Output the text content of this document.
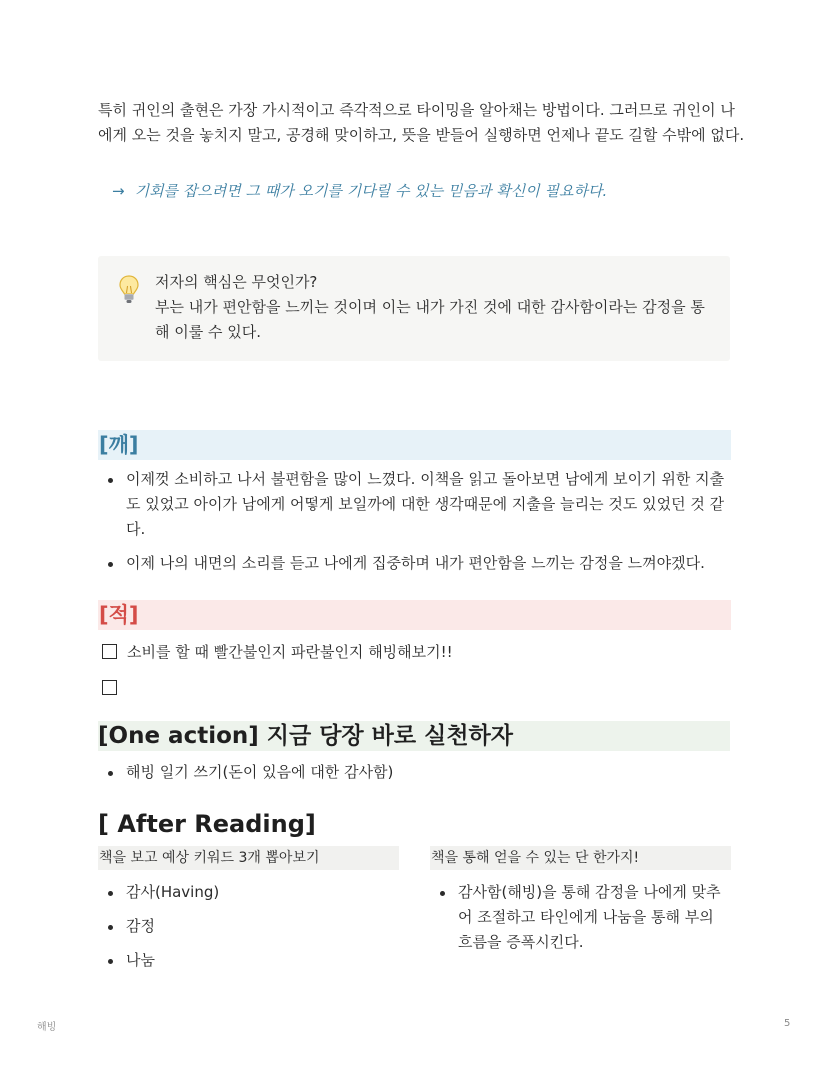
특히 귀인의 출현은 가장 가시적이고 즉각적으로 타이밍을 알아채는 방법이다. 그러므로 귀인이 나에게 오는 것을 놓치지 말고, 공경해 맞이하고, 뜻을 받들어 실행하면 언제나 끝도 길할 수밖에 없다.

→ 기회를 잡으려면 그 때가 오기를 기다릴 수 있는 믿음과 확신이 필요하다.
저자의 핵심은 무엇인가?
부는 내가 편안함을 느끼는 것이며 이는 내가 가진 것에 대한 감사함이라는 감정을 통해 이룰 수 있다.
[깨]
이제껏 소비하고 나서 불편함을 많이 느꼈다. 이책을 읽고 돌아보면 남에게 보이기 위한 지출도 있었고 아이가 남에게 어떻게 보일까에 대한 생각때문에 지출을 늘리는 것도 있었던 것 같다.
이제 나의 내면의 소리를 듣고 나에게 집중하며 내가 편안함을 느끼는 감정을 느껴야겠다.
[적]
소비를 할 때 빨간불인지 파란불인지 해빙해보기!!
[One action] 지금 당장 바로 실천하자
해빙 일기 쓰기(돈이 있음에 대한 감사함)
[ After Reading]
책을 보고 예상 키워드 3개 뽑아보기	책을 통해 얻을 수 있는 단 한가지!
감사(Having)
감정
나눔
감사함(해빙)을 통해 감정을 나에게 맞추어 조절하고 타인에게 나눔을 통해 부의 흐름을 증폭시킨다.
해빙	5
